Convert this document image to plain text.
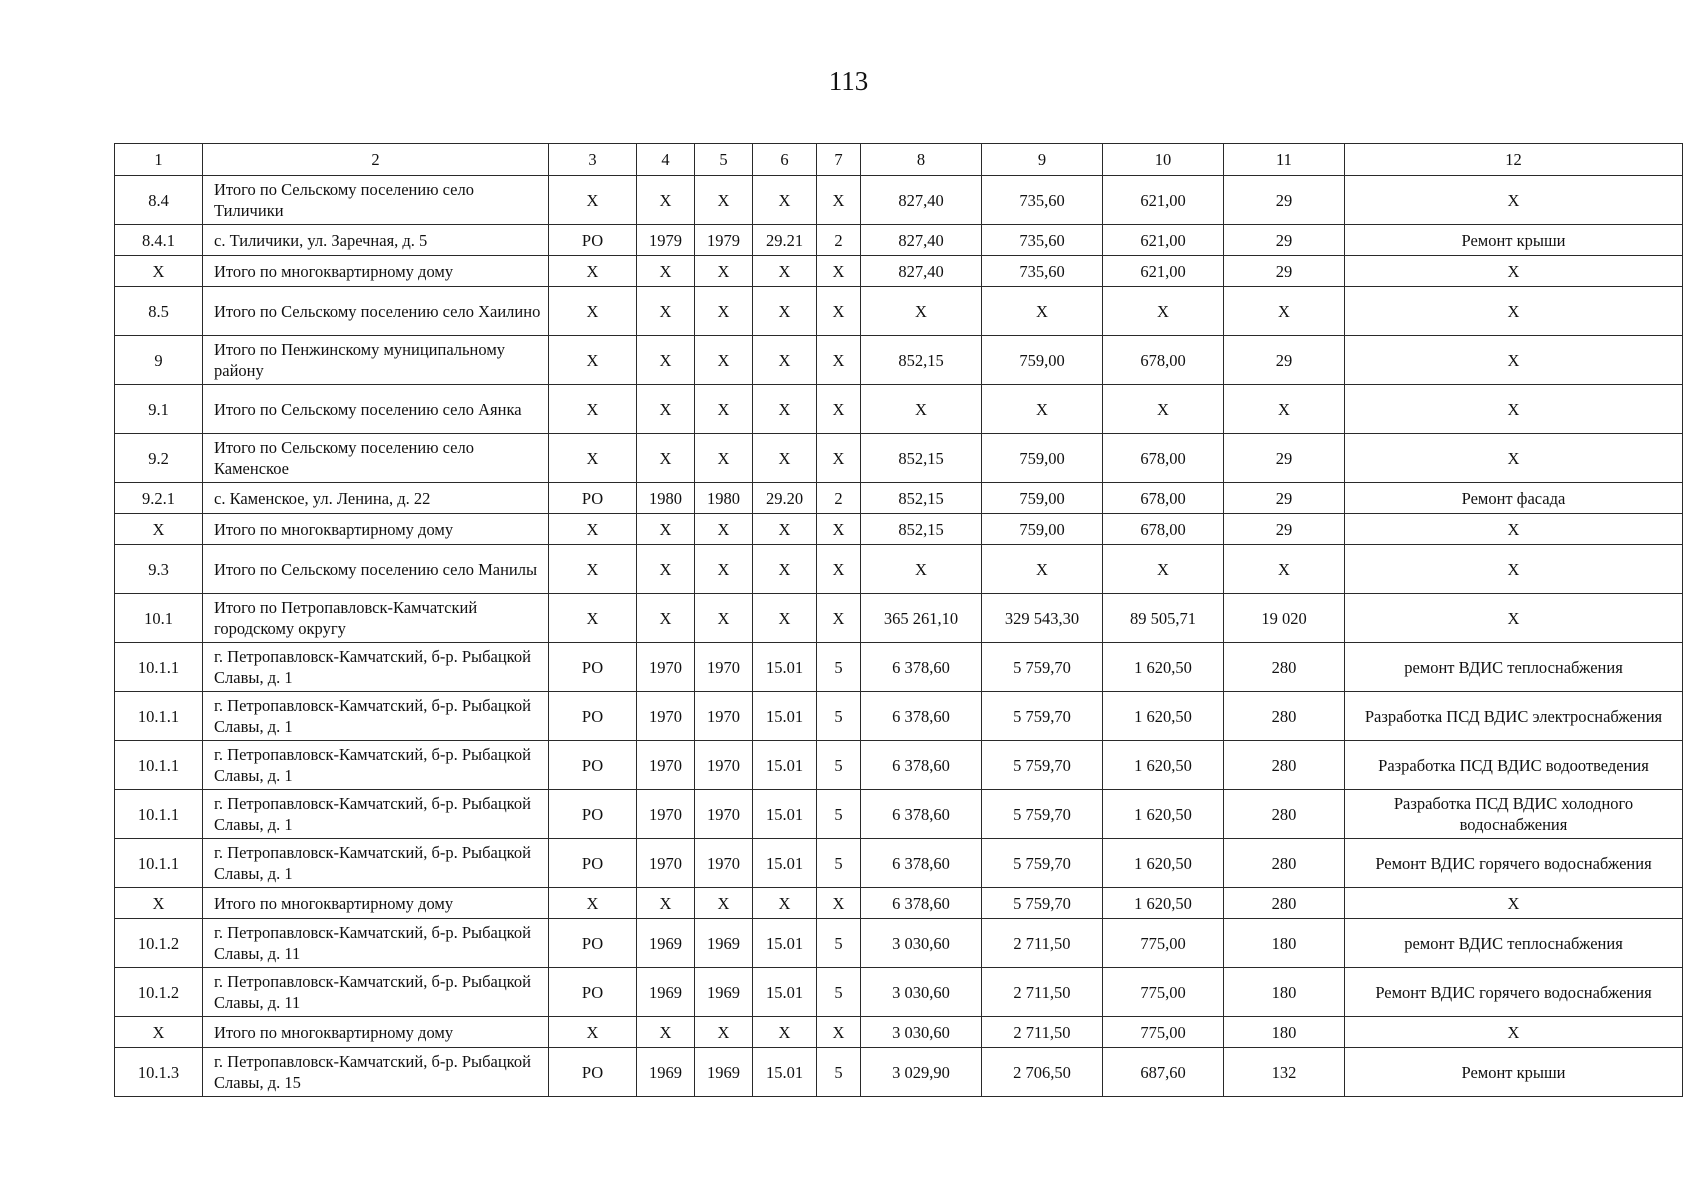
113
1	2	3	4	5	6	7	8	9	10	11	12
8.4	Итого по Сельскому поселению село Тиличики	Х	Х	Х	Х	Х	827,40	735,60	621,00	29	Х
8.4.1	с. Тиличики, ул. Заречная, д. 5	РО	1979	1979	29.21	2	827,40	735,60	621,00	29	Ремонт крыши
Х	Итого по многоквартирному дому	Х	Х	Х	Х	Х	827,40	735,60	621,00	29	Х
8.5	Итого по Сельскому поселению село Хаилино	Х	Х	Х	Х	Х	Х	Х	Х	Х	Х
9	Итого по Пенжинскому муниципальному району	Х	Х	Х	Х	Х	852,15	759,00	678,00	29	Х
9.1	Итого по Сельскому поселению село Аянка	Х	Х	Х	Х	Х	Х	Х	Х	Х	Х
9.2	Итого по Сельскому поселению село Каменское	Х	Х	Х	Х	Х	852,15	759,00	678,00	29	Х
9.2.1	с. Каменское, ул. Ленина, д. 22	РО	1980	1980	29.20	2	852,15	759,00	678,00	29	Ремонт фасада
Х	Итого по многоквартирному дому	Х	Х	Х	Х	Х	852,15	759,00	678,00	29	Х
9.3	Итого по Сельскому поселению село Манилы	Х	Х	Х	Х	Х	Х	Х	Х	Х	Х
10.1	Итого по Петропавловск-Камчатский городскому округу	Х	Х	Х	Х	Х	365 261,10	329 543,30	89 505,71	19 020	Х
10.1.1	г. Петропавловск-Камчатский, б-р. Рыбацкой Славы, д. 1	РО	1970	1970	15.01	5	6 378,60	5 759,70	1 620,50	280	ремонт ВДИС теплоснабжения
10.1.1	г. Петропавловск-Камчатский, б-р. Рыбацкой Славы, д. 1	РО	1970	1970	15.01	5	6 378,60	5 759,70	1 620,50	280	Разработка ПСД ВДИС электроснабжения
10.1.1	г. Петропавловск-Камчатский, б-р. Рыбацкой Славы, д. 1	РО	1970	1970	15.01	5	6 378,60	5 759,70	1 620,50	280	Разработка ПСД ВДИС водоотведения
10.1.1	г. Петропавловск-Камчатский, б-р. Рыбацкой Славы, д. 1	РО	1970	1970	15.01	5	6 378,60	5 759,70	1 620,50	280	Разработка ПСД ВДИС холодного водоснабжения
10.1.1	г. Петропавловск-Камчатский, б-р. Рыбацкой Славы, д. 1	РО	1970	1970	15.01	5	6 378,60	5 759,70	1 620,50	280	Ремонт ВДИС горячего водоснабжения
Х	Итого по многоквартирному дому	Х	Х	Х	Х	Х	6 378,60	5 759,70	1 620,50	280	Х
10.1.2	г. Петропавловск-Камчатский, б-р. Рыбацкой Славы, д. 11	РО	1969	1969	15.01	5	3 030,60	2 711,50	775,00	180	ремонт ВДИС теплоснабжения
10.1.2	г. Петропавловск-Камчатский, б-р. Рыбацкой Славы, д. 11	РО	1969	1969	15.01	5	3 030,60	2 711,50	775,00	180	Ремонт ВДИС горячего водоснабжения
Х	Итого по многоквартирному дому	Х	Х	Х	Х	Х	3 030,60	2 711,50	775,00	180	Х
10.1.3	г. Петропавловск-Камчатский, б-р. Рыбацкой Славы, д. 15	РО	1969	1969	15.01	5	3 029,90	2 706,50	687,60	132	Ремонт крыши
